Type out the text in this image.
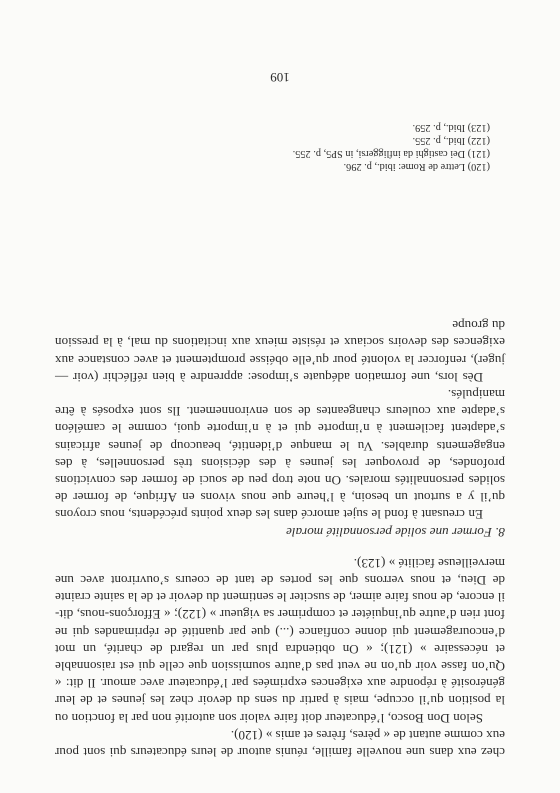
chez eux dans une nouvelle famille, réunis autour de leurs éducateurs qui sont pour eux comme autant de « pères, frères et amis » (120).

Selon Don Bosco, l’éducateur doit faire valoir son autorité non par la fonction ou la position qu’il occupe, mais à partir du sens du devoir chez les jeunes et de leur générosité à répondre aux exigences exprimées par l’éducateur avec amour. Il dit: « Qu’on fasse voir qu’on ne veut pas d’autre soumission que celle qui est raisonnable et nécessaire » (121); « On obtiendra plus par un regard de charité, un mot d’encouragement qui donne confiance (...) que par quantité de réprimandes qui ne font rien d’autre qu’inquiéter et comprimer sa vigueur » (122); « Efforçons-nous, dit-il encore, de nous faire aimer, de susciter le sentiment du devoir et de la sainte crainte de Dieu, et nous verrons que les portes de tant de coeurs s’ouvriront avec une merveilleuse facilité » (123).

8. Former une solide personnalité morale

En creusant à fond le sujet amorcé dans les deux points précédents, nous croyons qu’il y a surtout un besoin, à l’heure que nous vivons en Afrique, de former de solides personnalités morales. On note trop peu de souci de former des convictions profondes, de provoquer les jeunes à des décisions très personnelles, à des engagements durables. Vu le manque d’identité, beaucoup de jeunes africains s’adaptent facilement à n’importe qui et à n’importe quoi, comme le caméléon s’adapte aux couleurs changeantes de son environnement. Ils sont exposés à être manipulés.

Dès lors, une formation adéquate s’impose: apprendre à bien réfléchir (voir — juger), renforcer la volonté pour qu’elle obéisse promptement et avec constance aux exigences des devoirs sociaux et résiste mieux aux incitations du mal, à la pression du groupe

(120) Lettre de Rome: ibid., p. 296.
(121) Dei castighi da infliggersi, in SP5, p. 255.
(122) Ibid., p. 255.
(123) Ibid., p. 259.
109
